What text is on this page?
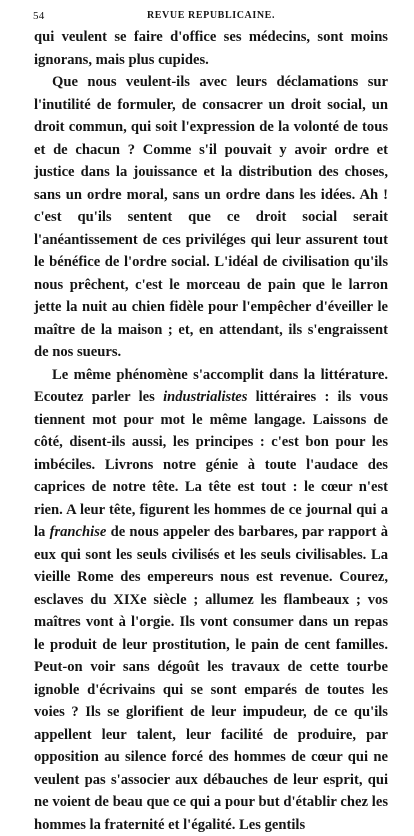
54	REVUE REPUBLICAINE.

qui veulent se faire d'office ses médecins, sont moins ignorans, mais plus cupides.

Que nous veulent-ils avec leurs déclamations sur l'inutilité de formuler, de consacrer un droit social, un droit commun, qui soit l'expression de la volonté de tous et de chacun ? Comme s'il pouvait y avoir ordre et justice dans la jouissance et la distribution des choses, sans un ordre moral, sans un ordre dans les idées. Ah ! c'est qu'ils sentent que ce droit social serait l'anéantissement de ces priviléges qui leur assurent tout le bénéfice de l'ordre social. L'idéal de civilisation qu'ils nous prêchent, c'est le morceau de pain que le larron jette la nuit au chien fidèle pour l'empêcher d'éveiller le maître de la maison ; et, en attendant, ils s'engraissent de nos sueurs.

Le même phénomène s'accomplit dans la littérature. Ecoutez parler les industrialistes littéraires : ils vous tiennent mot pour mot le même langage. Laissons de côté, disent-ils aussi, les principes : c'est bon pour les imbéciles. Livrons notre génie à toute l'audace des caprices de notre tête. La tête est tout : le cœur n'est rien. A leur tête, figurent les hommes de ce journal qui a la franchise de nous appeler des barbares, par rapport à eux qui sont les seuls civilisés et les seuls civilisables. La vieille Rome des empereurs nous est revenue. Courez, esclaves du XIXe siècle ; allumez les flambeaux ; vos maîtres vont à l'orgie. Ils vont consumer dans un repas le produit de leur prostitution, le pain de cent familles. Peut-on voir sans dégoût les travaux de cette tourbe ignoble d'écrivains qui se sont emparés de toutes les voies ? Ils se glorifient de leur impudeur, de ce qu'ils appellent leur talent, leur facilité de produire, par opposition au silence forcé des hommes de cœur qui ne veulent pas s'associer aux débauches de leur esprit, qui ne voient de beau que ce qui a pour but d'établir chez les hommes la fraternité et l'égalité. Les gentils
